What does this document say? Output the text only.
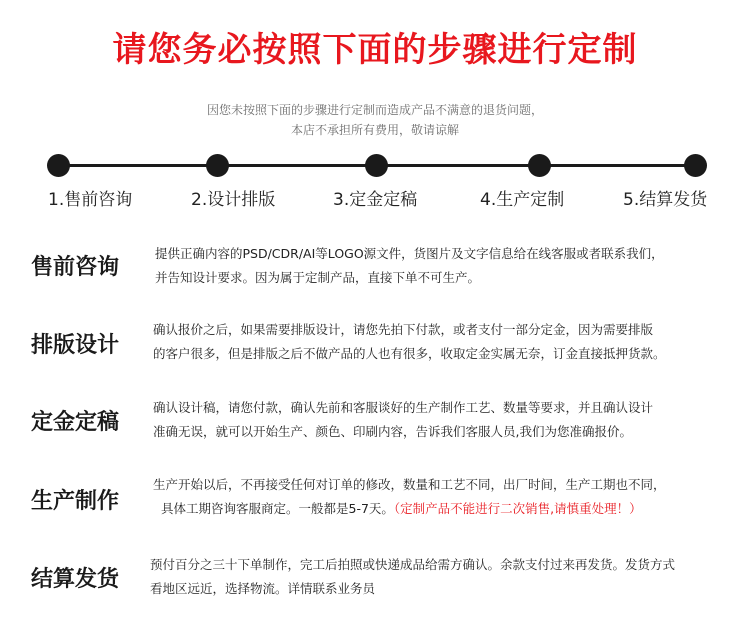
请您务必按照下面的步骤进行定制
因您未按照下面的步骤进行定制而造成产品不满意的退货问题，
本店不承担所有费用，敬请谅解
1.售前咨询	2.设计排版	3.定金定稿	4.生产定制	5.结算发货
售前咨询
提供正确内容的PSD/CDR/AI等LOGO源文件，货图片及文字信息给在线客服或者联系我们，
并告知设计要求。因为属于定制产品，直接下单不可生产。
排版设计
确认报价之后，如果需要排版设计，请您先拍下付款，或者支付一部分定金，因为需要排版
的客户很多，但是排版之后不做产品的人也有很多，收取定金实属无奈，订金直接抵押货款。
定金定稿
确认设计稿，请您付款，确认先前和客服谈好的生产制作工艺、数量等要求，并且确认设计
准确无误，就可以开始生产、颜色、印刷内容，告诉我们客服人员,我们为您准确报价。
生产制作
生产开始以后，不再接受任何对订单的修改，数量和工艺不同，出厂时间，生产工期也不同，
具体工期咨询客服商定。一般都是5-7天。（定制产品不能进行二次销售,请慎重处理！）
结算发货
预付百分之三十下单制作，完工后拍照或快递成品给需方确认。余款支付过来再发货。发货方式
看地区远近，选择物流。详情联系业务员
